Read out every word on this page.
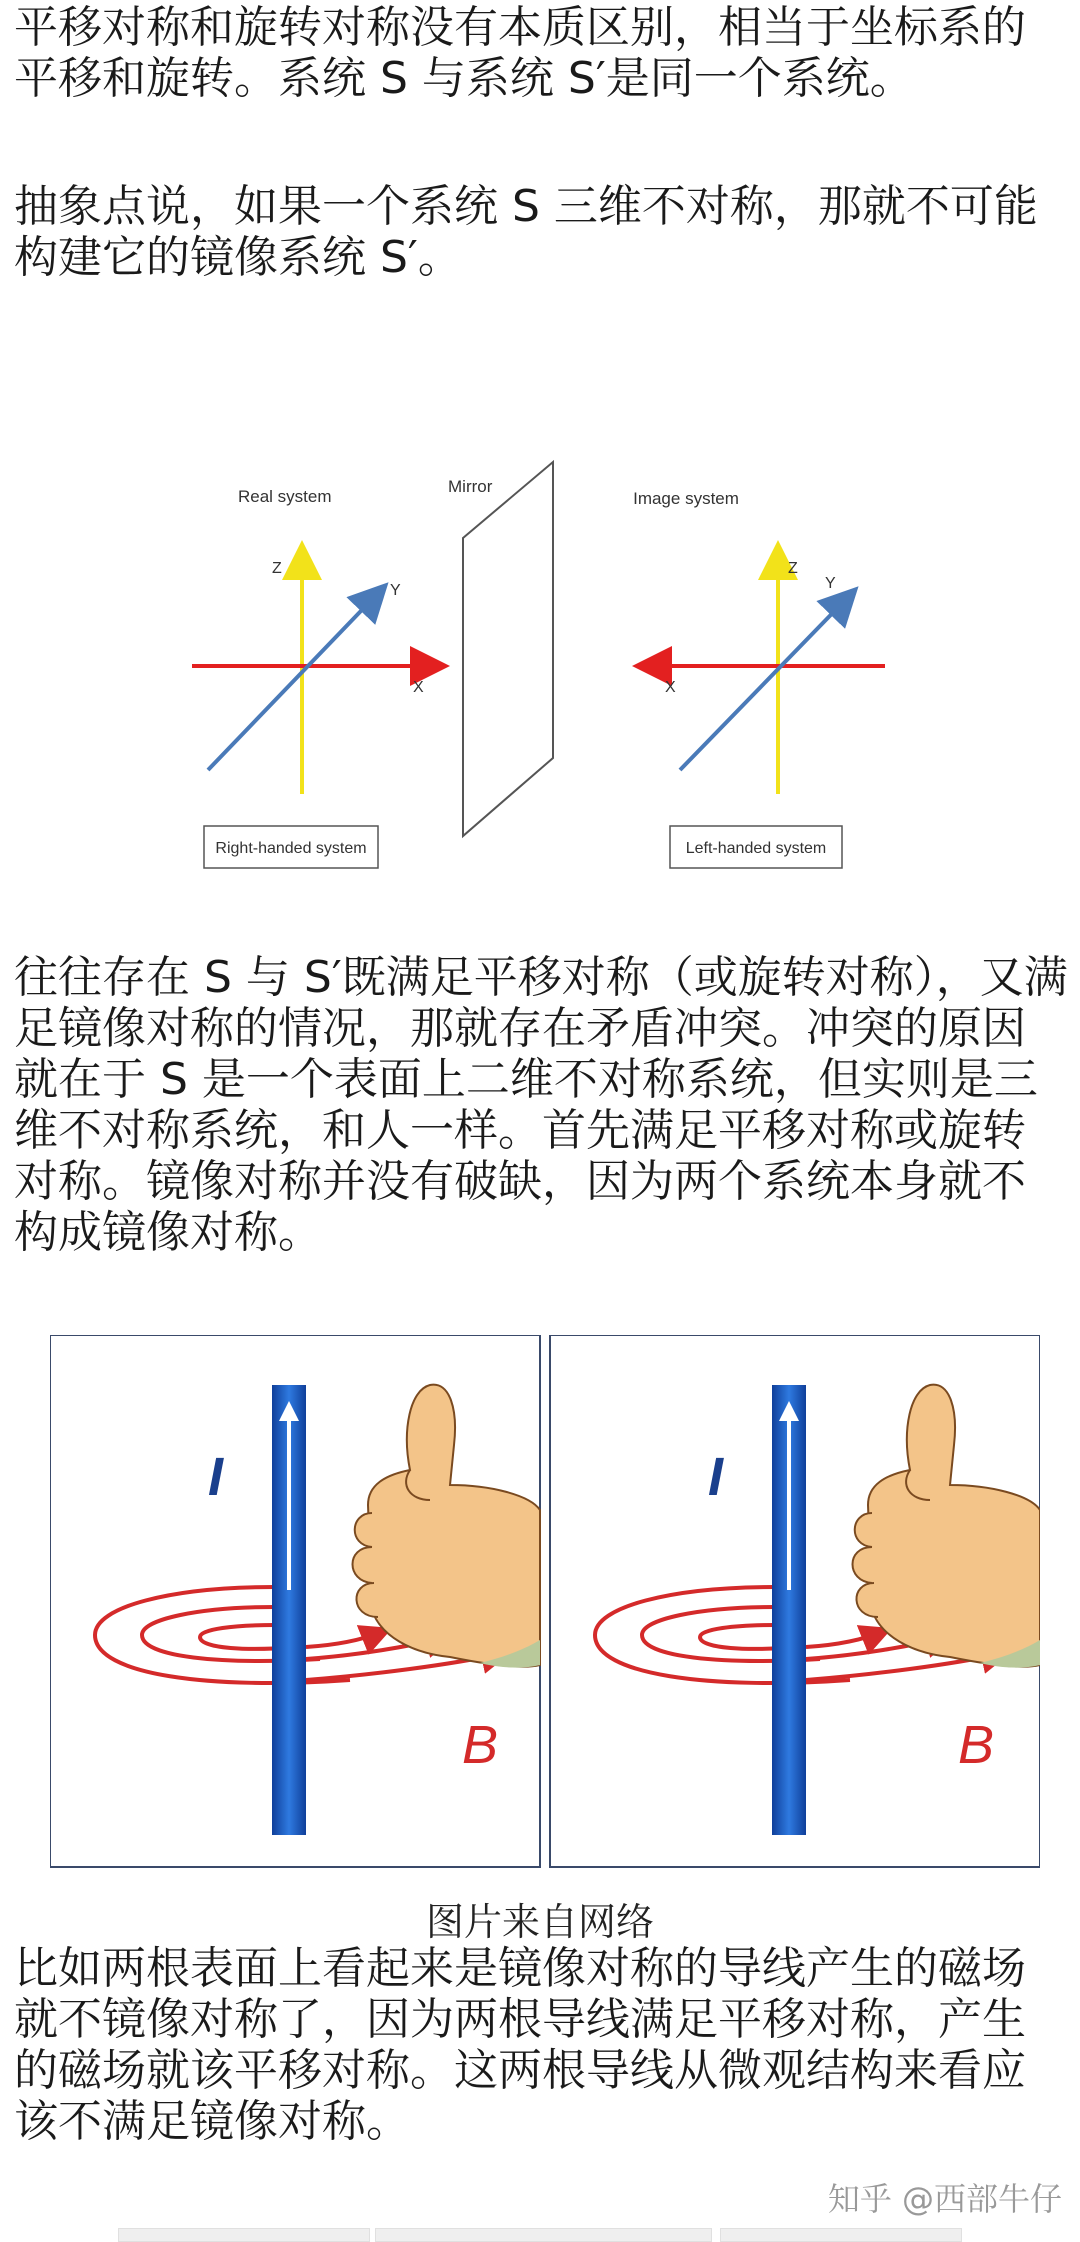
平移对称和旋转对称没有本质区别，相当于坐标系的
平移和旋转。系统 S 与系统 S′是同一个系统。
抽象点说，如果一个系统 S 三维不对称，那就不可能
构建它的镜像系统 S′。
Real system
Z
X
Y
Right-handed system
Mirror
Image system
Z
X
Y
Left-handed system
往往存在 S 与 S′既满足平移对称（或旋转对称），又满
足镜像对称的情况，那就存在矛盾冲突。冲突的原因
就在于 S 是一个表面上二维不对称系统，但实则是三
维不对称系统，和人一样。首先满足平移对称或旋转
对称。镜像对称并没有破缺，因为两个系统本身就不
构成镜像对称。
I
B
I
B
图片来自网络
比如两根表面上看起来是镜像对称的导线产生的磁场
就不镜像对称了，因为两根导线满足平移对称，产生
的磁场就该平移对称。这两根导线从微观结构来看应
该不满足镜像对称。
知乎 @西部牛仔
